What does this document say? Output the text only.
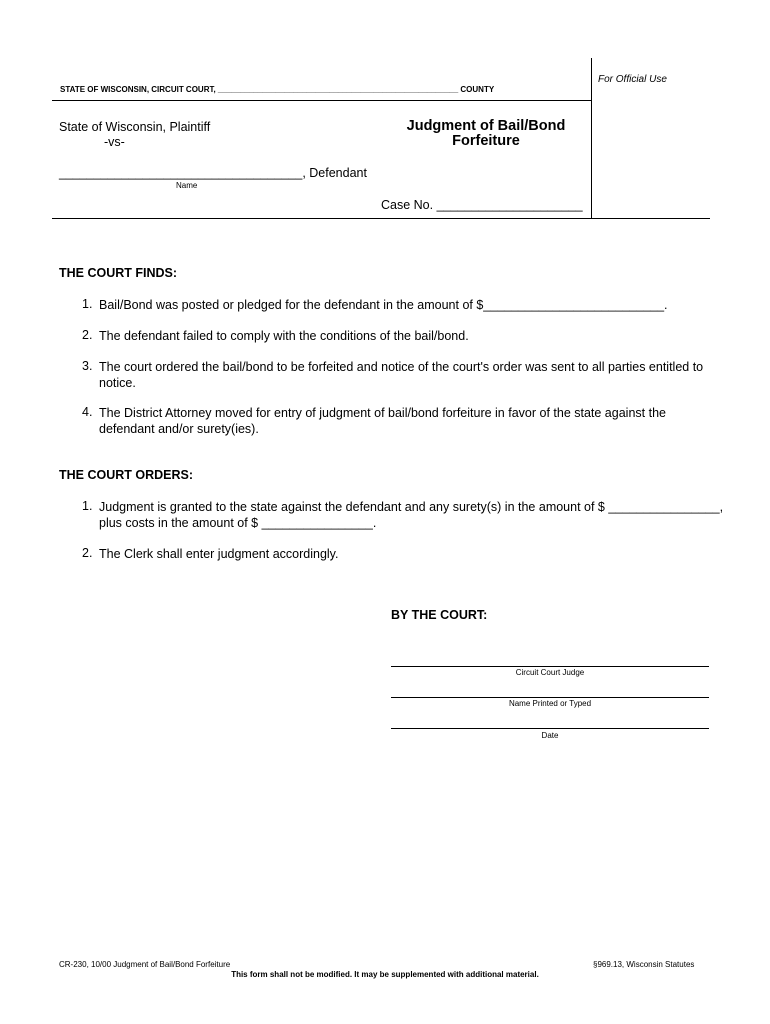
For Official Use
STATE OF WISCONSIN, CIRCUIT COURT, ______________________________________________________ COUNTY
State of Wisconsin, Plaintiff
-vs-
___________________________________, Defendant
Name
Judgment of Bail/Bond
Forfeiture
Case No. _____________________
THE COURT FINDS:
1. Bail/Bond was posted or pledged for the defendant in the amount of $__________________________.
2. The defendant failed to comply with the conditions of the bail/bond.
3. The court ordered the bail/bond to be forfeited and notice of the court's order was sent to all parties entitled to notice.
4. The District Attorney moved for entry of judgment of bail/bond forfeiture in favor of the state against the defendant and/or surety(ies).
THE COURT ORDERS:
1. Judgment is granted to the state against the defendant and any surety(s) in the amount of $ ________________, plus costs in the amount of $ ________________.
2. The Clerk shall enter judgment accordingly.
BY THE COURT:
Circuit Court Judge
Name Printed or Typed
Date
CR-230, 10/00 Judgment of Bail/Bond Forfeiture	§969.13, Wisconsin Statutes
This form shall not be modified. It may be supplemented with additional material.
